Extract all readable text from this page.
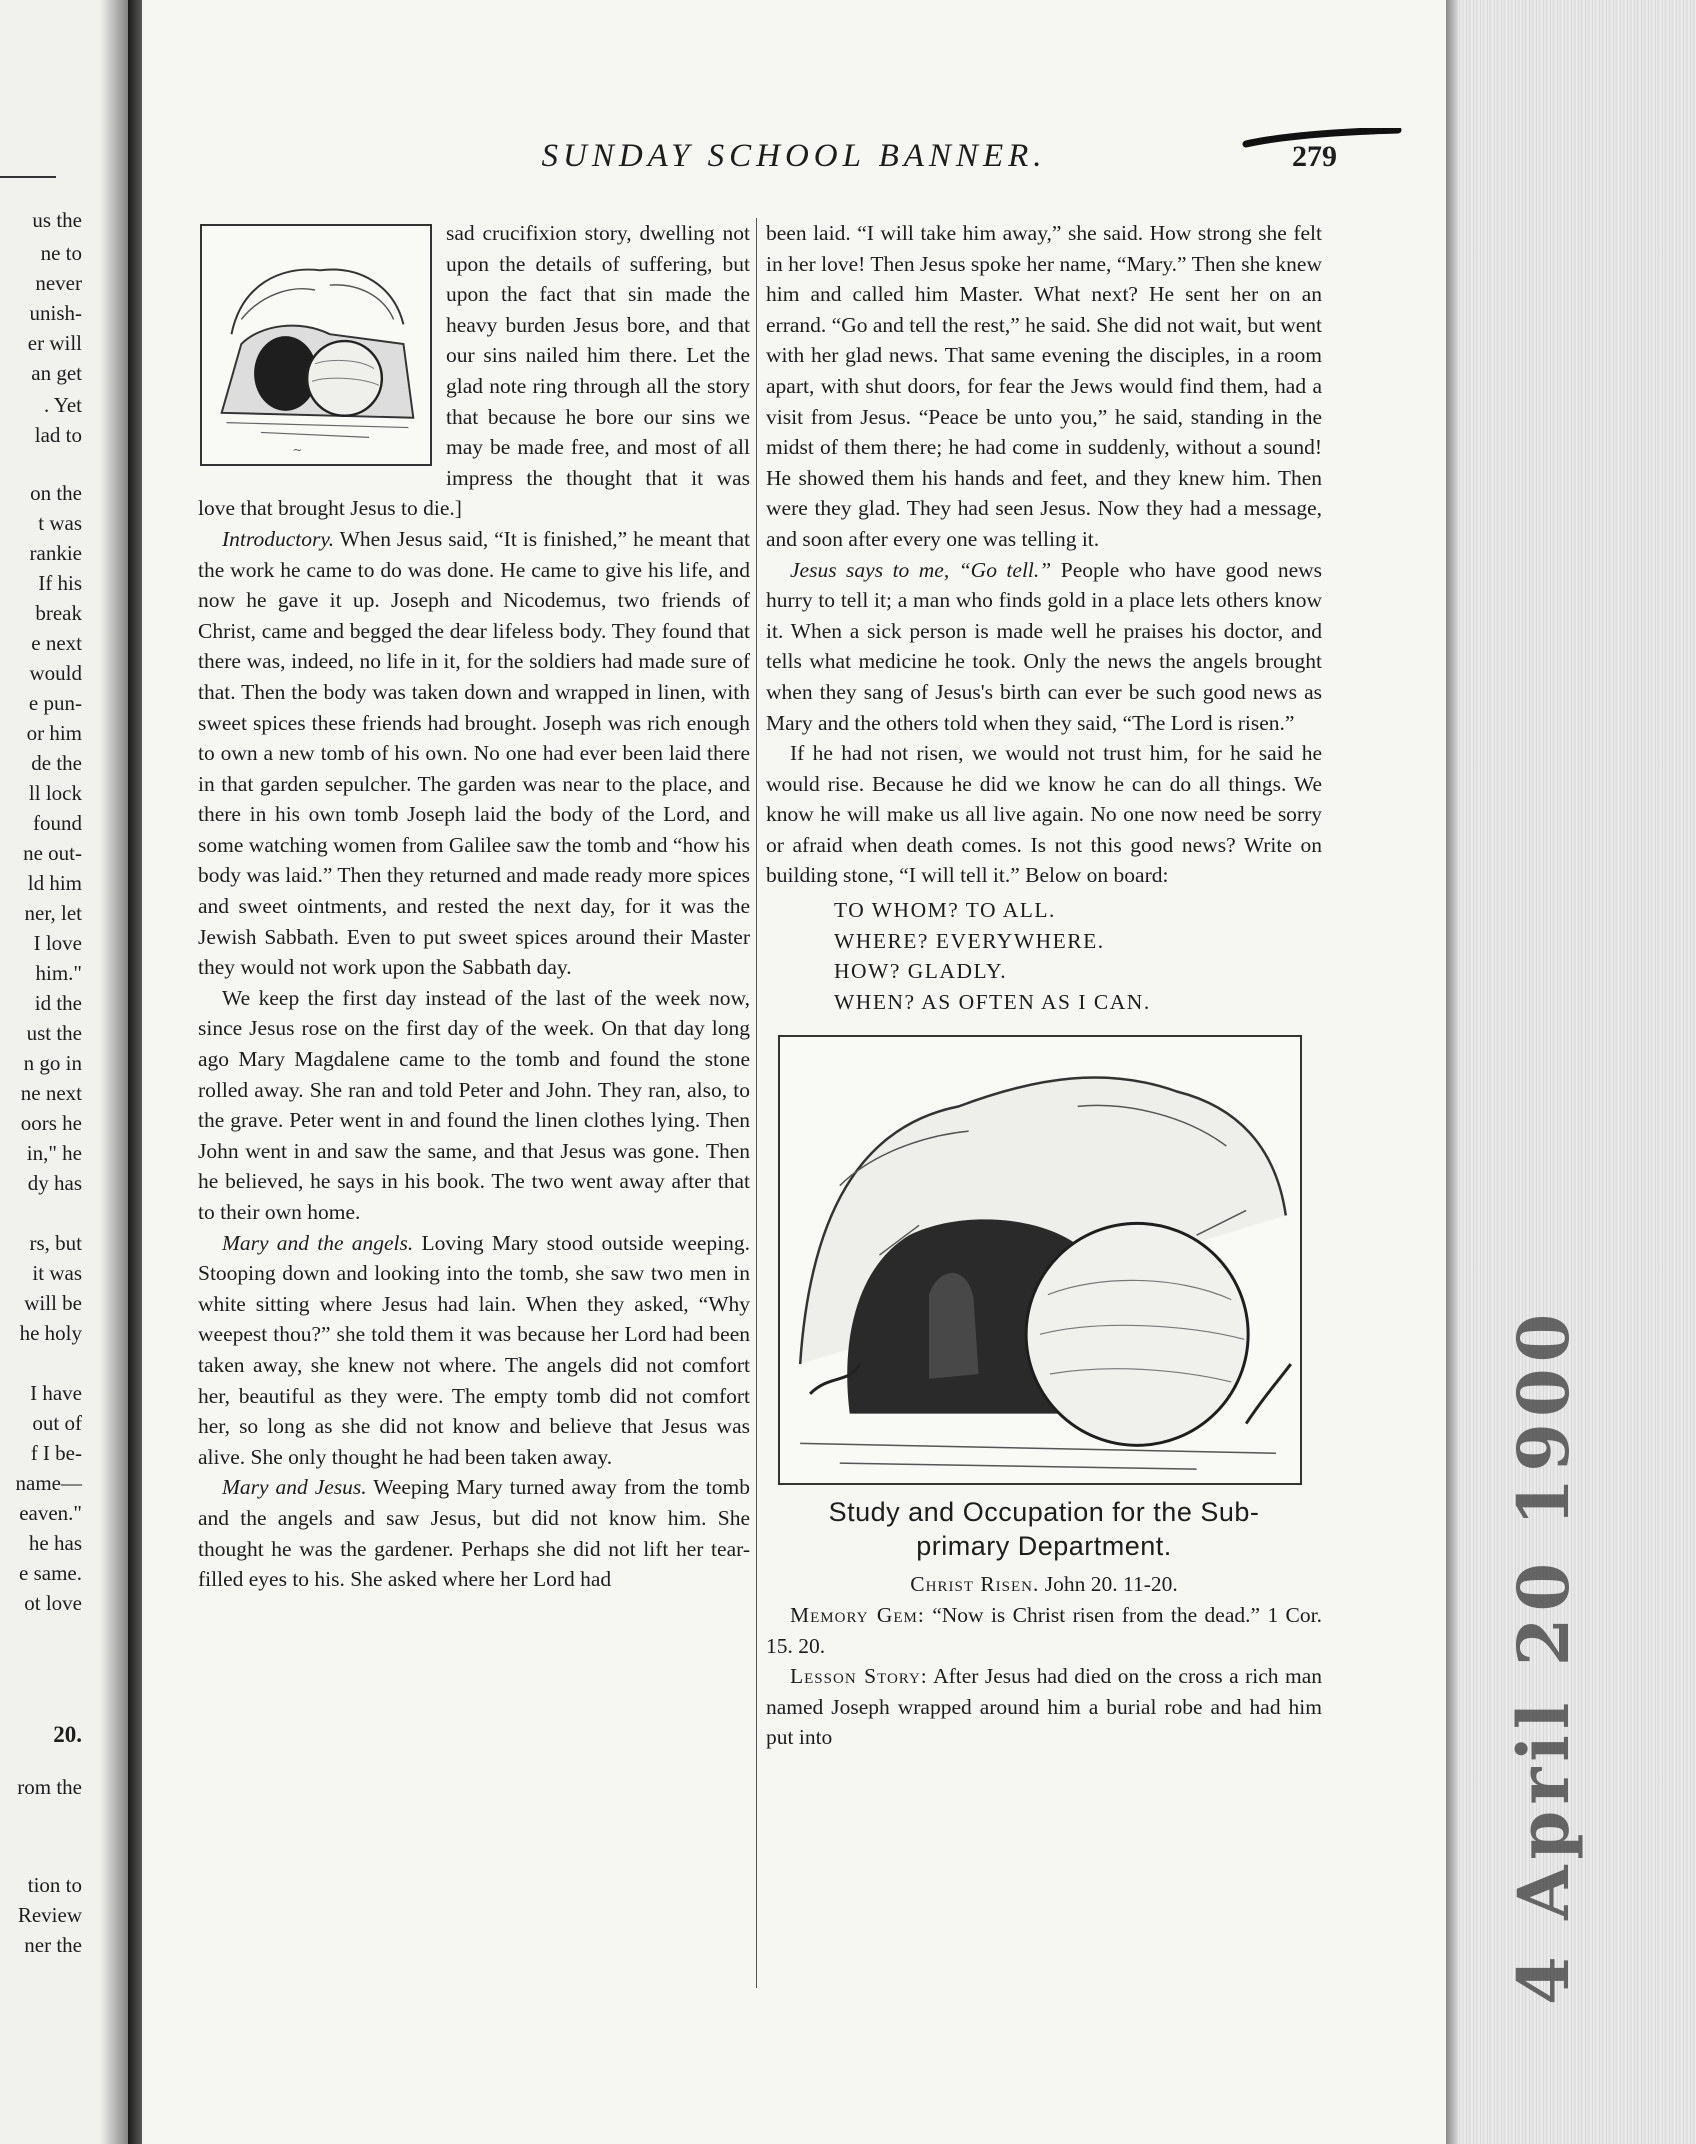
us the
ne to
never
unish-
er will
an get
. Yet
lad to
on the
t was
rankie
If his
break
e next
would
e pun-
or him
de the
ll lock
found
ne out-
ld him
ner, let
I love
him."
id the
ust the
n go in
ne next
oors he
in," he
dy has
rs, but
it was
will be
he holy
I have
out of
f I be-
name—
eaven."
he has
e same.
ot love
20.
rom the
tion to
Review
ner the
SUNDAY SCHOOL BANNER.	279
~

sad crucifixion story, dwelling not upon the details of suffering, but upon the fact that sin made the heavy burden Jesus bore, and that our sins nailed him there. Let the glad note ring through all the story that because he bore our sins we may be made free, and most of all impress the thought that it was love that brought Jesus to die.]

Introductory. When Jesus said, “It is finished,” he meant that the work he came to do was done. He came to give his life, and now he gave it up. Joseph and Nicodemus, two friends of Christ, came and begged the dear lifeless body. They found that there was, indeed, no life in it, for the soldiers had made sure of that. Then the body was taken down and wrapped in linen, with sweet spices these friends had brought. Joseph was rich enough to own a new tomb of his own. No one had ever been laid there in that garden sepulcher. The garden was near to the place, and there in his own tomb Joseph laid the body of the Lord, and some watching women from Galilee saw the tomb and “how his body was laid.” Then they returned and made ready more spices and sweet ointments, and rested the next day, for it was the Jewish Sabbath. Even to put sweet spices around their Master they would not work upon the Sabbath day.

We keep the first day instead of the last of the week now, since Jesus rose on the first day of the week. On that day long ago Mary Magdalene came to the tomb and found the stone rolled away. She ran and told Peter and John. They ran, also, to the grave. Peter went in and found the linen clothes lying. Then John went in and saw the same, and that Jesus was gone. Then he believed, he says in his book. The two went away after that to their own home.

Mary and the angels. Loving Mary stood outside weeping. Stooping down and looking into the tomb, she saw two men in white sitting where Jesus had lain. When they asked, “Why weepest thou?” she told them it was because her Lord had been taken away, she knew not where. The angels did not comfort her, beautiful as they were. The empty tomb did not comfort her, so long as she did not know and believe that Jesus was alive. She only thought he had been taken away.

Mary and Jesus. Weeping Mary turned away from the tomb and the angels and saw Jesus, but did not know him. She thought he was the gardener. Perhaps she did not lift her tear-filled eyes to his. She asked where her Lord had

been laid. “I will take him away,” she said. How strong she felt in her love! Then Jesus spoke her name, “Mary.” Then she knew him and called him Master. What next? He sent her on an errand. “Go and tell the rest,” he said. She did not wait, but went with her glad news. That same evening the disciples, in a room apart, with shut doors, for fear the Jews would find them, had a visit from Jesus. “Peace be unto you,” he said, standing in the midst of them there; he had come in suddenly, without a sound! He showed them his hands and feet, and they knew him. Then were they glad. They had seen Jesus. Now they had a message, and soon after every one was telling it.

Jesus says to me, “Go tell.” People who have good news hurry to tell it; a man who finds gold in a place lets others know it. When a sick person is made well he praises his doctor, and tells what medicine he took. Only the news the angels brought when they sang of Jesus's birth can ever be such good news as Mary and the others told when they said, “The Lord is risen.”

If he had not risen, we would not trust him, for he said he would rise. Because he did we know he can do all things. We know he will make us all live again. No one now need be sorry or afraid when death comes. Is not this good news? Write on building stone, “I will tell it.” Below on board:

TO WHOM? TO ALL.
WHERE? EVERYWHERE.
HOW? GLADLY.
WHEN? AS OFTEN AS I CAN.
Study and Occupation for the Sub-
primary Department.

Christ Risen. John 20. 11-20.

Memory Gem: “Now is Christ risen from the dead.” 1 Cor. 15. 20.

Lesson Story: After Jesus had died on the cross a rich man named Joseph wrapped around him a burial robe and had him put into	4 April 20 1900
